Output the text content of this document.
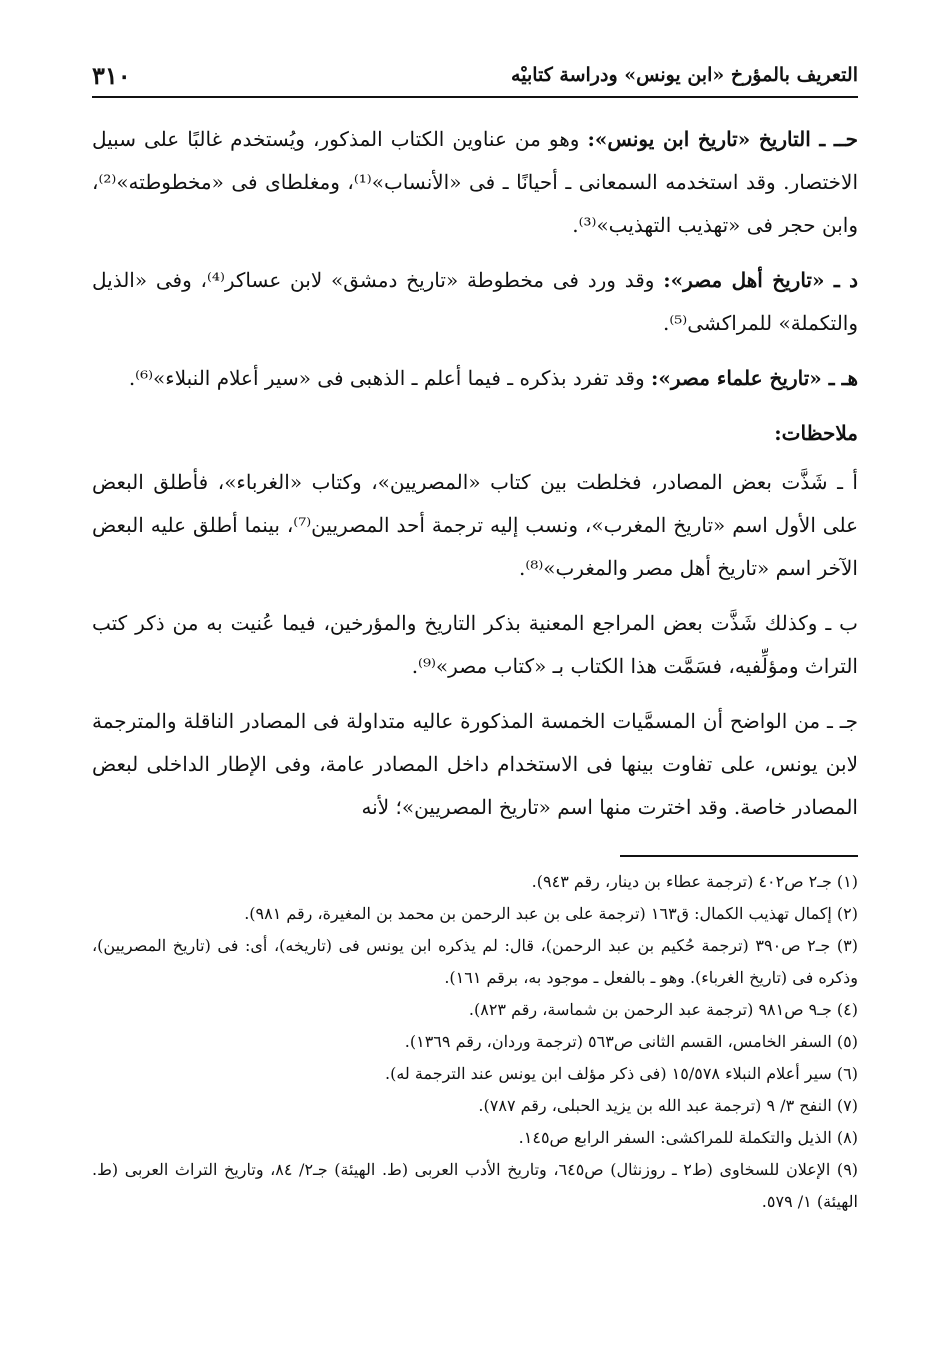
التعريف بالمؤرخ «ابن يونس» ودراسة كتابيْه
٣١٠

حــ ـ التاريخ «تاريخ ابن يونس»: وهو من عناوين الكتاب المذكور، ويُستخدم غالبًا على سبيل الاختصار. وقد استخدمه السمعانى ـ أحيانًا ـ فى «الأنساب»⁽¹⁾، ومغلطاى فى «مخطوطته»⁽²⁾، وابن حجر فى «تهذيب التهذيب»⁽³⁾.

د ـ «تاريخ أهل مصر»: وقد ورد فى مخطوطة «تاريخ دمشق» لابن عساكر⁽⁴⁾، وفى «الذيل والتكملة» للمراكشى⁽⁵⁾.

هـ ـ «تاريخ علماء مصر»: وقد تفرد بذكره ـ فيما أعلم ـ الذهبى فى «سير أعلام النبلاء»⁽⁶⁾.

ملاحظات:

أ ـ شَذَّت بعض المصادر، فخلطت بين كتاب «المصريين»، وكتاب «الغرباء»، فأطلق البعض على الأول اسم «تاريخ المغرب»، ونسب إليه ترجمة أحد المصريين⁽⁷⁾، بينما أطلق عليه البعض الآخر اسم «تاريخ أهل مصر والمغرب»⁽⁸⁾.

ب ـ وكذلك شَذَّت بعض المراجع المعنية بذكر التاريخ والمؤرخين، فيما عُنيت به من ذكر كتب التراث ومؤلِّفيه، فسَمَّت هذا الكتاب بـ «كتاب مصر»⁽⁹⁾.

جـ ـ من الواضح أن المسمَّيات الخمسة المذكورة عاليه متداولة فى المصادر الناقلة والمترجمة لابن يونس، على تفاوت بينها فى الاستخدام داخل المصادر عامة، وفى الإطار الداخلى لبعض المصادر خاصة. وقد اخترت منها اسم «تاريخ المصريين»؛ لأنه

(١) جـ٢ ص٤٠٢ (ترجمة عطاء بن دينار، رقم ٩٤٣).

(٢) إكمال تهذيب الكمال: ق١٦٣ (ترجمة على بن عبد الرحمن بن محمد بن المغيرة، رقم ٩٨١).

(٣) جـ٢ ص٣٩٠ (ترجمة حُكيم بن عبد الرحمن)، قال: لم يذكره ابن يونس فى (تاريخه)، أى: فى (تاريخ المصريين)، وذكره فى (تاريخ الغرباء). وهو ـ بالفعل ـ موجود به، برقم ١٦١).

(٤) جـ٩ ص٩٨١ (ترجمة عبد الرحمن بن شماسة، رقم ٨٢٣).

(٥) السفر الخامس، القسم الثانى ص٥٦٣ (ترجمة وردان، رقم ١٣٦٩).

(٦) سير أعلام النبلاء ١٥/٥٧٨ (فى ذكر مؤلف ابن يونس عند الترجمة له).

(٧) النفح ٣/ ٩ (ترجمة عبد الله بن يزيد الحبلى، رقم ٧٨٧).

(٨) الذيل والتكملة للمراكشى: السفر الرابع ص١٤٥.

(٩) الإعلان للسخاوى (ط٢ ـ روزنثال) ص٦٤٥، وتاريخ الأدب العربى (ط. الهيئة) جـ٢/ ٨٤، وتاريخ التراث العربى (ط. الهيئة) ١/ ٥٧٩.
